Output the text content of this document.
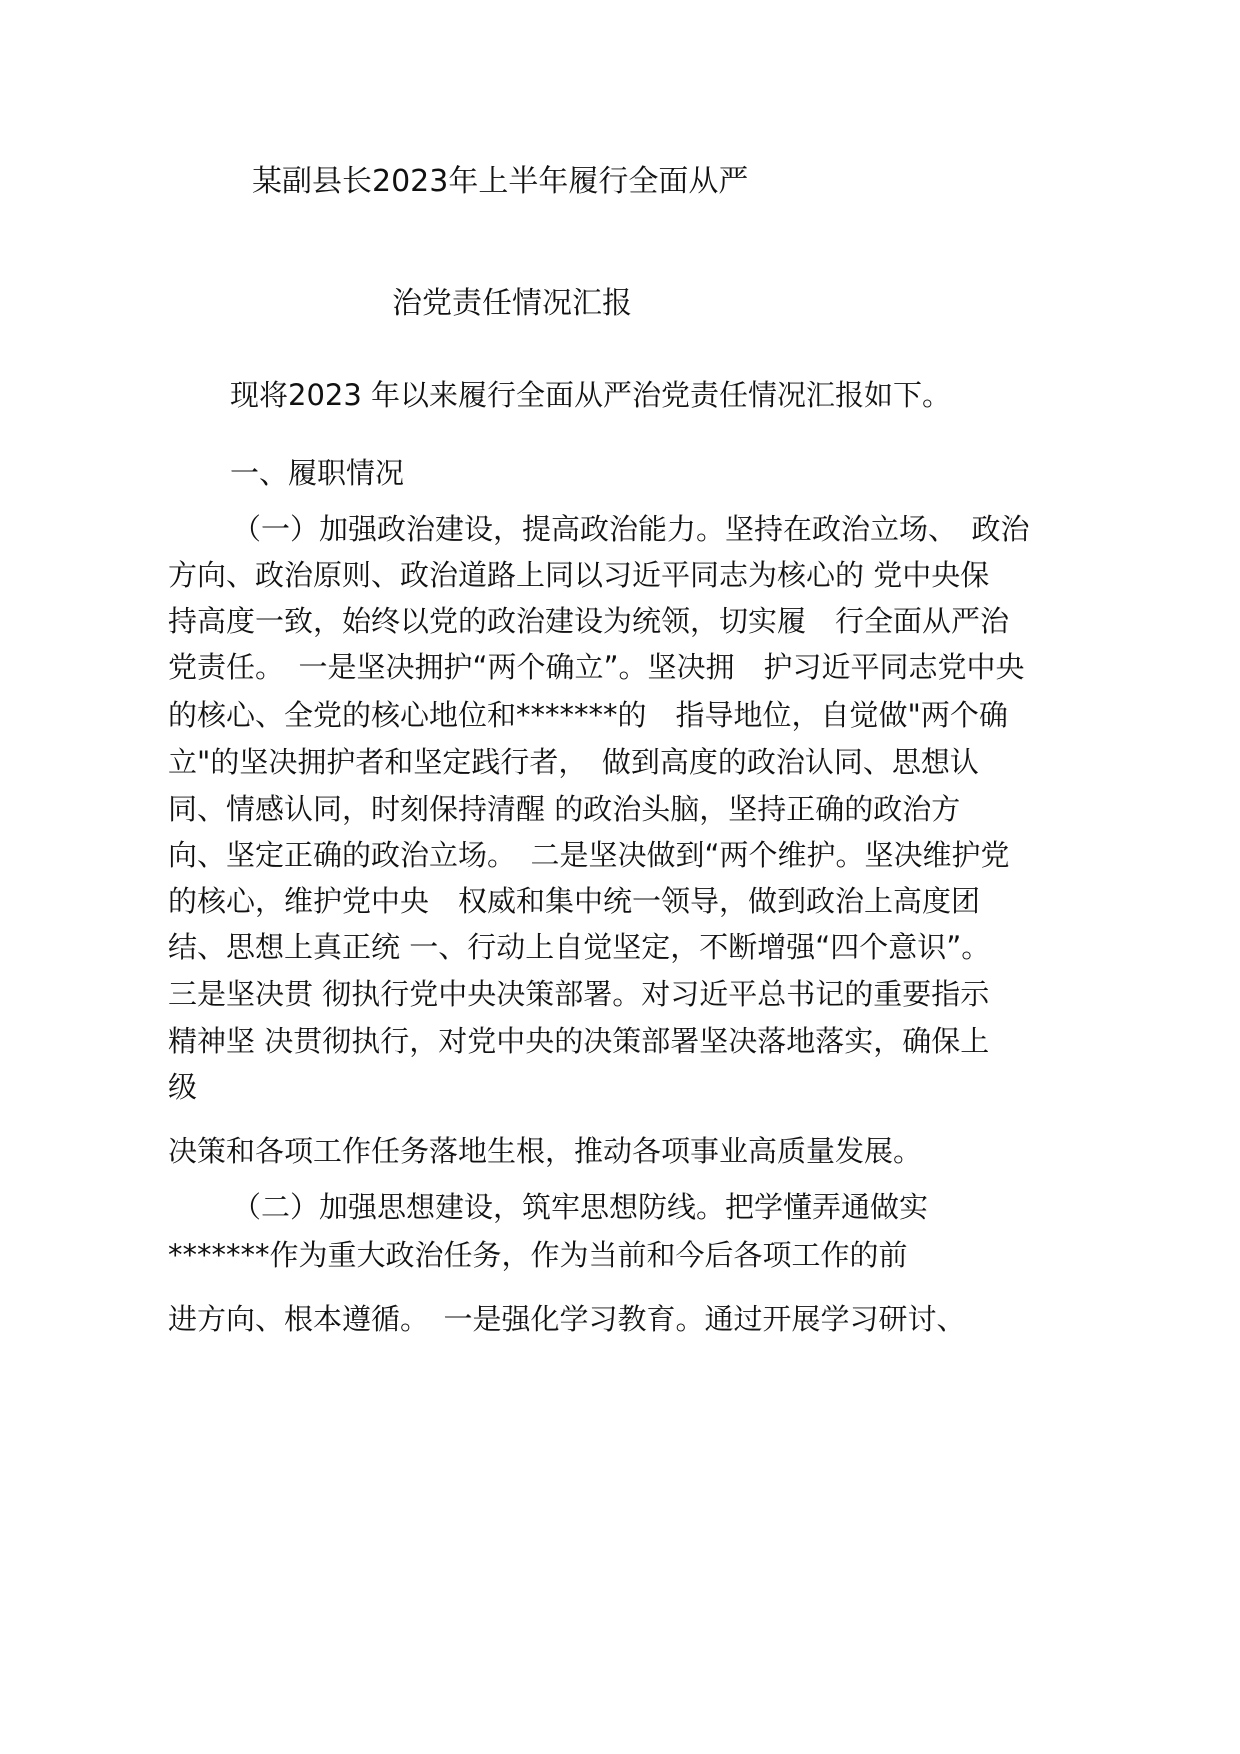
某副县长2023年上半年履行全面从严

治党责任情况汇报

现将2023 年以来履行全面从严治党责任情况汇报如下。

一、履职情况

（一）加强政治建设，提高政治能力。坚持在政治立场、　政治

方向、政治原则、政治道路上同以习近平同志为核心的 党中央保

持高度一致，始终以党的政治建设为统领，切实履　行全面从严治

党责任。　一是坚决拥护“两个确立”。坚决拥　护习近平同志党中央

的核心、全党的核心地位和*******的　指导地位，自觉做"两个确

立"的坚决拥护者和坚定践行者，　做到高度的政治认同、思想认

同、情感认同，时刻保持清醒 的政治头脑，坚持正确的政治方

向、坚定正确的政治立场。　二是坚决做到“两个维护。坚决维护党

的核心，维护党中央　权威和集中统一领导，做到政治上高度团

结、思想上真正统 一、行动上自觉坚定，不断增强“四个意识”。

三是坚决贯 彻执行党中央决策部署。对习近平总书记的重要指示

精神坚 决贯彻执行，对党中央的决策部署坚决落地落实，确保上

级

决策和各项工作任务落地生根，推动各项事业高质量发展。

（二）加强思想建设，筑牢思想防线。把学懂弄通做实

*******作为重大政治任务，作为当前和今后各项工作的前

进方向、根本遵循。　一是强化学习教育。通过开展学习研讨、
